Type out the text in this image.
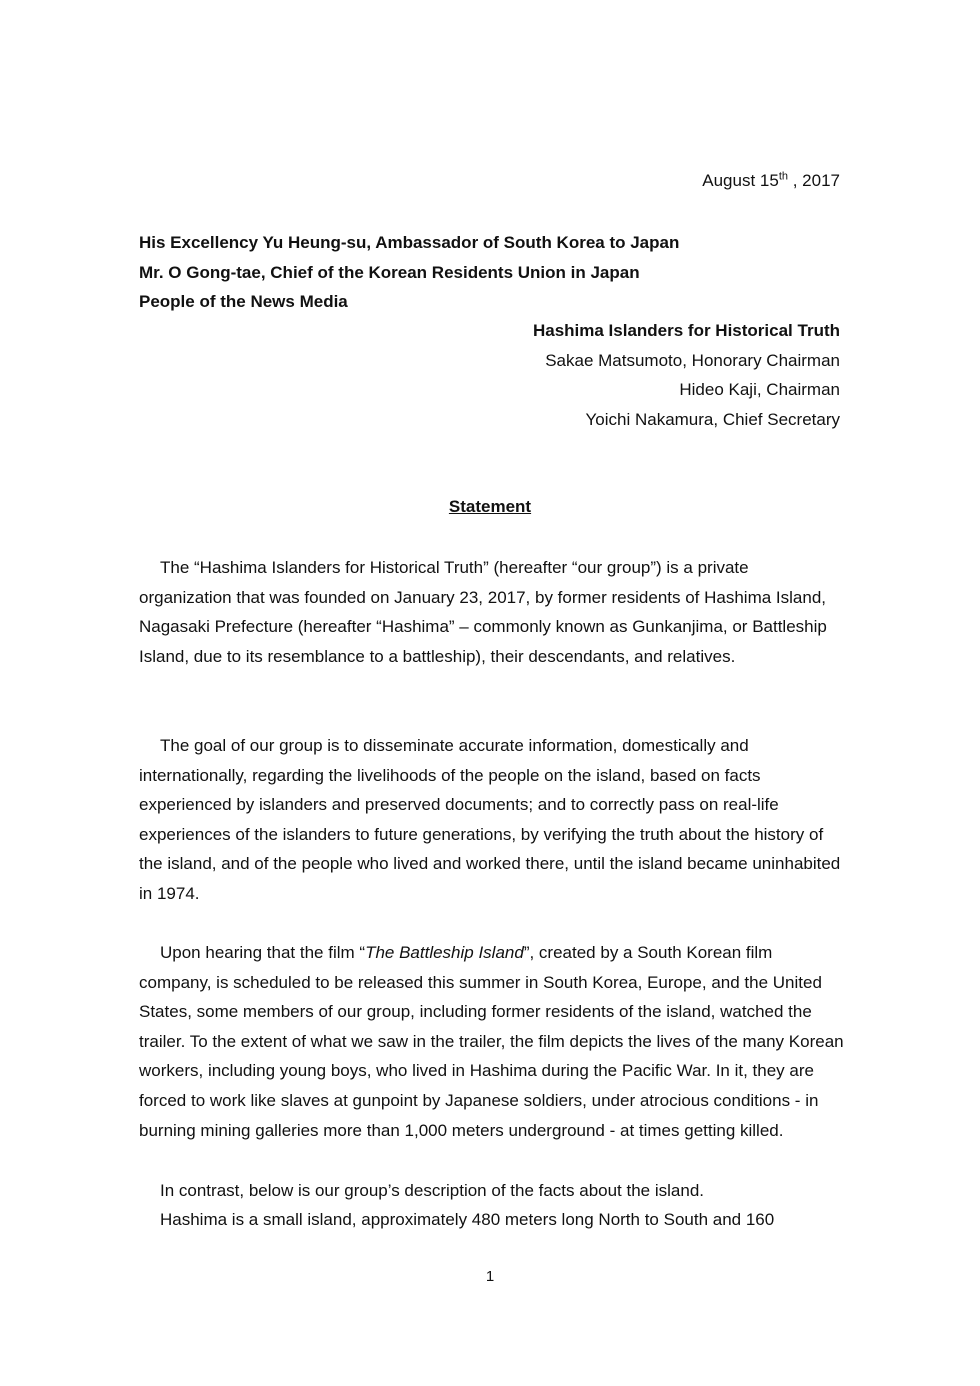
August 15th , 2017
His Excellency Yu Heung-su, Ambassador of South Korea to Japan
Mr. O Gong-tae, Chief of the Korean Residents Union in Japan
People of the News Media
Hashima Islanders for Historical Truth
Sakae Matsumoto, Honorary Chairman
Hideo Kaji, Chairman
Yoichi Nakamura, Chief Secretary
Statement

The “Hashima Islanders for Historical Truth” (hereafter “our group”) is a private organization that was founded on January 23, 2017, by former residents of Hashima Island, Nagasaki Prefecture (hereafter “Hashima” – commonly known as Gunkanjima, or Battleship Island, due to its resemblance to a battleship), their descendants, and relatives.

The goal of our group is to disseminate accurate information, domestically and internationally, regarding the livelihoods of the people on the island, based on facts experienced by islanders and preserved documents; and to correctly pass on real-life experiences of the islanders to future generations, by verifying the truth about the history of the island, and of the people who lived and worked there, until the island became uninhabited in 1974.

Upon hearing that the film “The Battleship Island”, created by a South Korean film company, is scheduled to be released this summer in South Korea, Europe, and the United States, some members of our group, including former residents of the island, watched the trailer. To the extent of what we saw in the trailer, the film depicts the lives of the many Korean workers, including young boys, who lived in Hashima during the Pacific War. In it, they are forced to work like slaves at gunpoint by Japanese soldiers, under atrocious conditions - in burning mining galleries more than 1,000 meters underground - at times getting killed.

In contrast, below is our group’s description of the facts about the island.

Hashima is a small island, approximately 480 meters long North to South and 160

1
